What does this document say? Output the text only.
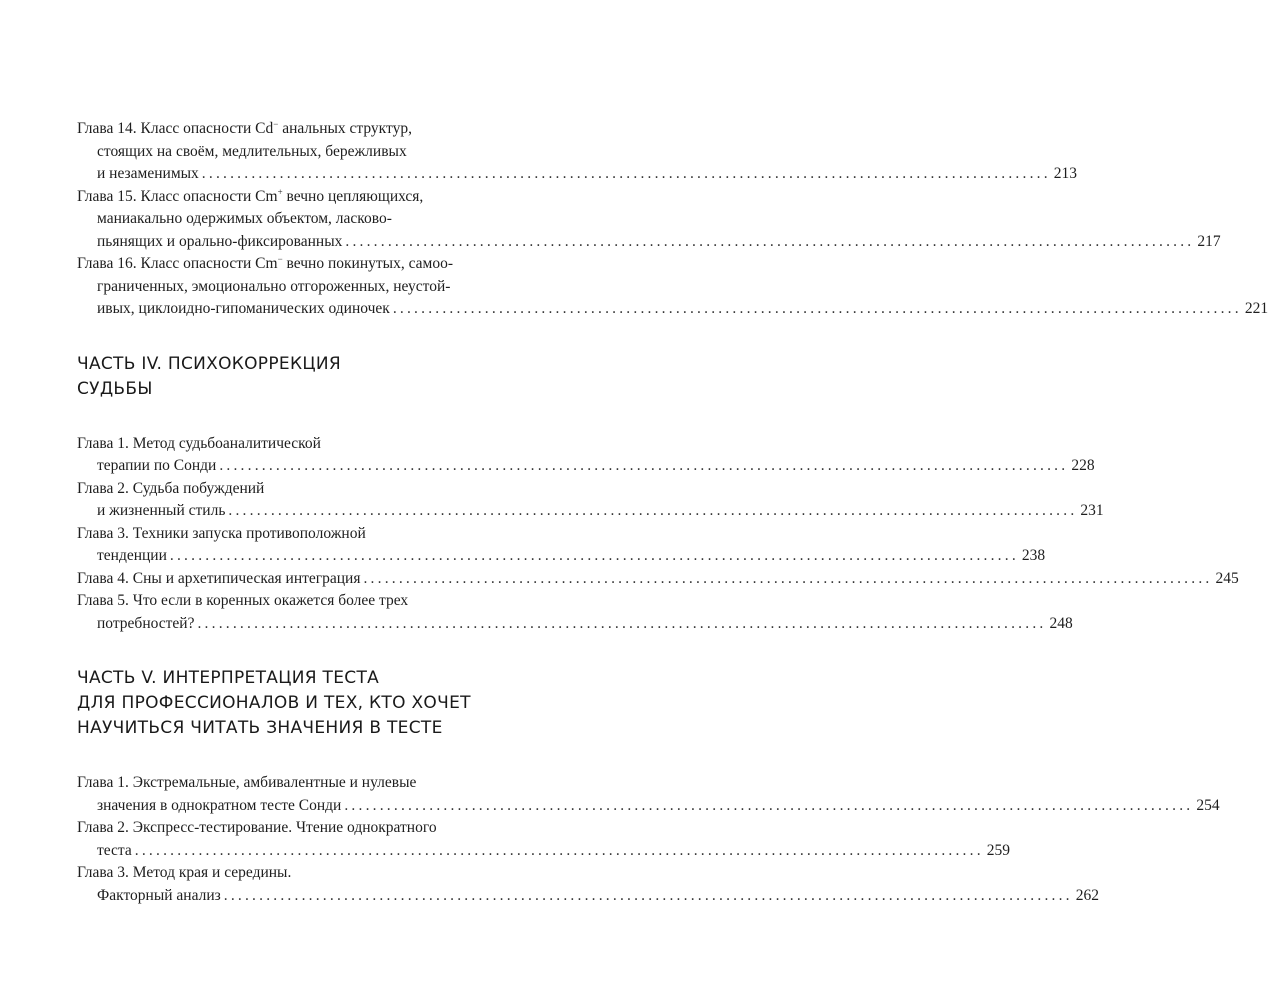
Глава 14. Класс опасности Cd− анальных структур,
стоящих на своём, медлительных, бережливых
и незаменимых ........................................................................................................................ 213
Глава 15. Класс опасности Cm+ вечно цепляющихся,
маниакально одержимых объектом, ласково-
пьянящих и орально-фиксированных ........................................................................................................................ 217
Глава 16. Класс опасности Cm− вечно покинутых, самоо-
граниченных, эмоционально отгороженных, неустой-
ивых, циклоидно-гипоманических одиночек ........................................................................................................................ 221
ЧАСТЬ IV. ПСИХОКОРРЕКЦИЯ
СУДЬБЫ
Глава 1. Метод судьбоаналитической
терапии по Сонди ........................................................................................................................ 228
Глава 2. Судьба побуждений
и жизненный стиль ........................................................................................................................ 231
Глава 3. Техники запуска противоположной
тенденции ........................................................................................................................ 238
Глава 4. Сны и архетипическая интеграция ........................................................................................................................ 245
Глава 5. Что если в коренных окажется более трех
потребностей? ........................................................................................................................ 248
ЧАСТЬ V. ИНТЕРПРЕТАЦИЯ ТЕСТА
ДЛЯ ПРОФЕССИОНАЛОВ И ТЕХ, КТО ХОЧЕТ
НАУЧИТЬСЯ ЧИТАТЬ ЗНАЧЕНИЯ В ТЕСТЕ
Глава 1. Экстремальные, амбивалентные и нулевые
значения в однократном тесте Сонди ........................................................................................................................ 254
Глава 2. Экспресс-тестирование. Чтение однократного
теста ........................................................................................................................ 259
Глава 3. Метод края и середины.
Факторный анализ ........................................................................................................................ 262
